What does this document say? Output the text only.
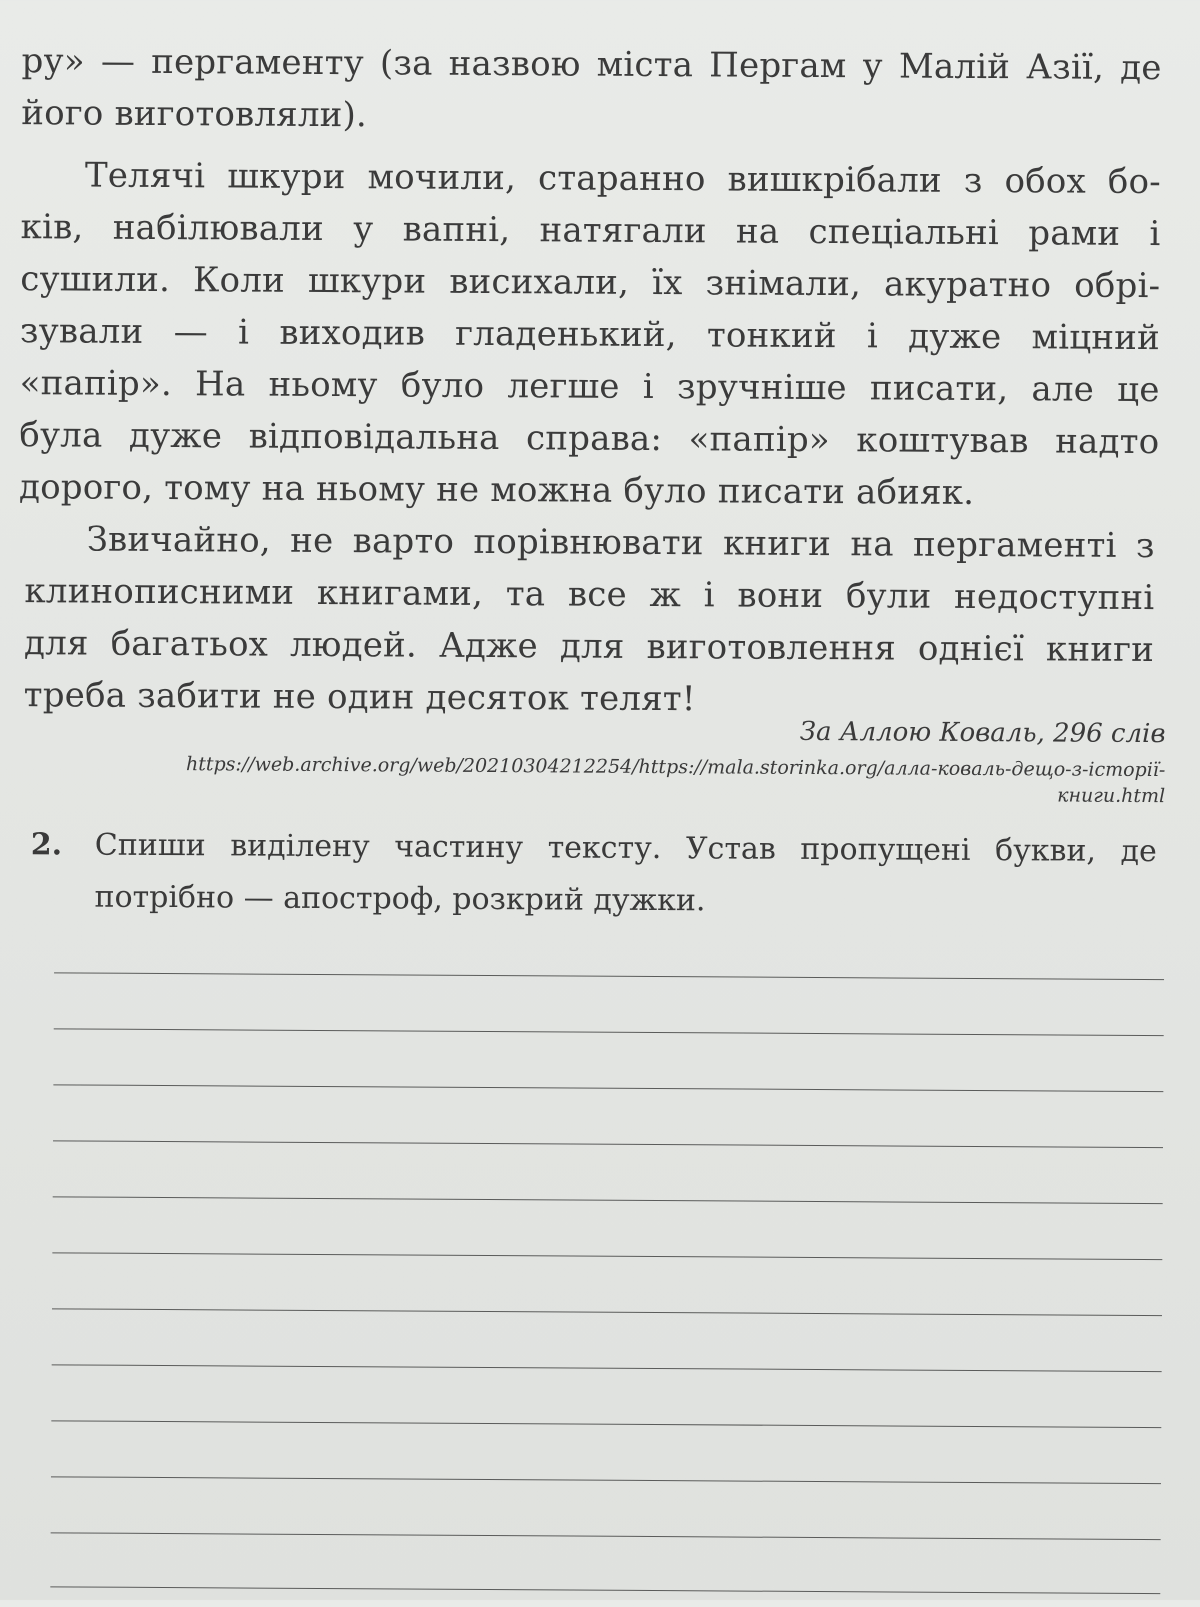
ру» — пергаменту (за назвою міста Пергам у Малій Азії, де
його виготовляли).
Телячі шкури мочили, старанно вишкрібали з обох бо-
ків, набілювали у вапні, натягали на спеціальні рами і
сушили. Коли шкури висихали, їх знімали, акуратно обрі-
зували — і виходив гладенький, тонкий і дуже міцний
«папір». На ньому було легше і зручніше писати, але це
була дуже відповідальна справа: «папір» коштував надто
дорого, тому на ньому не можна було писати абияк.
Звичайно, не варто порівнювати книги на пергаменті з
клинописними книгами, та все ж і вони були недоступні
для багатьох людей. Адже для виготовлення однієї книги
треба забити не один десяток телят!
За Аллою Коваль, 296 слів
https://web.archive.org/web/20210304212254/https://mala.storinka.org/алла-коваль-дещо-з-історії-
книги.html
2. Спиши виділену частину тексту. Устав пропущені букви, де
потрібно — апостроф, розкрий дужки.
